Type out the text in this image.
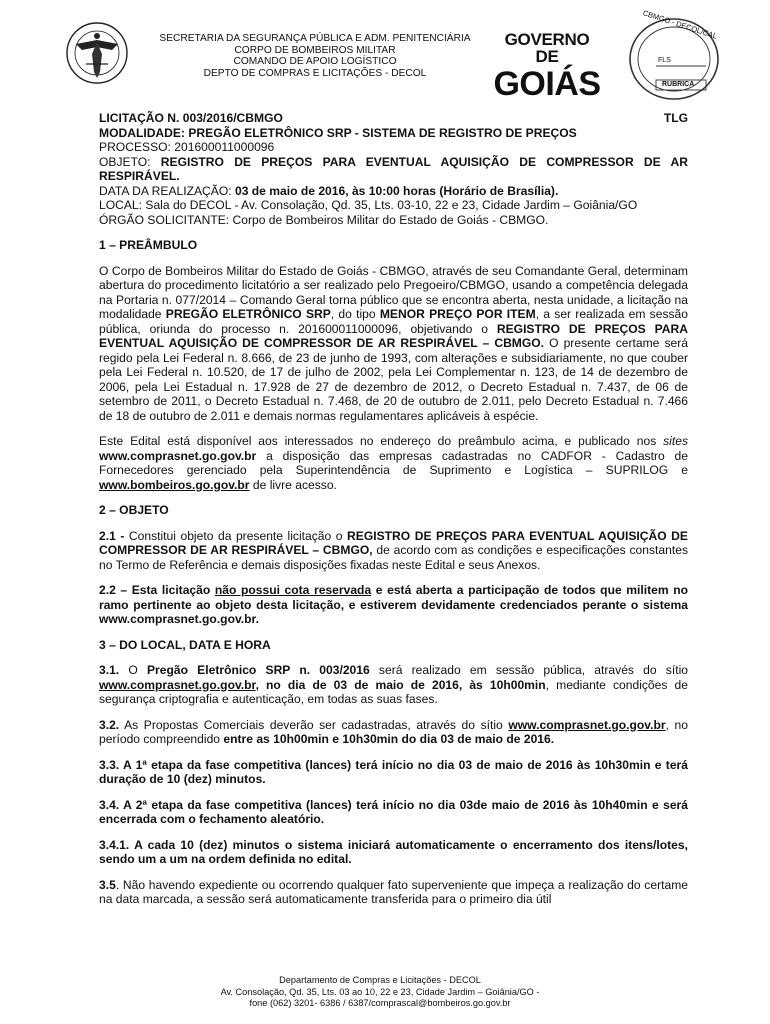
SECRETARIA DA SEGURANÇA PÚBLICA E ADM. PENITENCIÁRIA
CORPO DE BOMBEIROS MILITAR
COMANDO DE APOIO LOGÍSTICO
DEPTO DE COMPRAS E LICITAÇÕES - DECOL
GOVERNO DE
GOIÁS
CBMGO - DECOL/CAL
FLS
RUBRICA
TLG

LICITAÇÃO N. 003/2016/CBMGO

MODALIDADE: PREGÃO ELETRÔNICO SRP - SISTEMA DE REGISTRO DE PREÇOS

PROCESSO: 201600011000096

OBJETO: REGISTRO DE PREÇOS PARA EVENTUAL AQUISIÇÃO DE COMPRESSOR DE AR RESPIRÁVEL.

DATA DA REALIZAÇÃO: 03 de maio de 2016, às 10:00 horas (Horário de Brasília).

LOCAL: Sala do DECOL - Av. Consolação, Qd. 35, Lts. 03-10, 22 e 23, Cidade Jardim – Goiânia/GO

ÓRGÃO SOLICITANTE: Corpo de Bombeiros Militar do Estado de Goiás - CBMGO.

1 – PREÂMBULO

O Corpo de Bombeiros Militar do Estado de Goiás - CBMGO, através de seu Comandante Geral, determinam abertura do procedimento licitatório a ser realizado pelo Pregoeiro/CBMGO, usando a competência delegada na Portaria n. 077/2014 – Comando Geral torna público que se encontra aberta, nesta unidade, a licitação na modalidade PREGÃO ELETRÔNICO SRP, do tipo MENOR PREÇO POR ITEM, a ser realizada em sessão pública, oriunda do processo n. 201600011000096, objetivando o REGISTRO DE PREÇOS PARA EVENTUAL AQUISIÇÃO DE COMPRESSOR DE AR RESPIRÁVEL – CBMGO. O presente certame será regido pela Lei Federal n. 8.666, de 23 de junho de 1993, com alterações e subsidiariamente, no que couber pela Lei Federal n. 10.520, de 17 de julho de 2002, pela Lei Complementar n. 123, de 14 de dezembro de 2006, pela Lei Estadual n. 17.928 de 27 de dezembro de 2012, o Decreto Estadual n. 7.437, de 06 de setembro de 2011, o Decreto Estadual n. 7.468, de 20 de outubro de 2.011, pelo Decreto Estadual n. 7.466 de 18 de outubro de 2.011 e demais normas regulamentares aplicáveis à espécie.

Este Edital está disponível aos interessados no endereço do preâmbulo acima, e publicado nos sites www.comprasnet.go.gov.br a disposição das empresas cadastradas no CADFOR - Cadastro de Fornecedores gerenciado pela Superintendência de Suprimento e Logística – SUPRILOG e www.bombeiros.go.gov.br de livre acesso.

2 – OBJETO

2.1 - Constitui objeto da presente licitação o REGISTRO DE PREÇOS PARA EVENTUAL AQUISIÇÃO DE COMPRESSOR DE AR RESPIRÁVEL – CBMGO, de acordo com as condições e especificações constantes no Termo de Referência e demais disposições fixadas neste Edital e seus Anexos.

2.2 – Esta licitação não possui cota reservada e está aberta a participação de todos que militem no ramo pertinente ao objeto desta licitação, e estiverem devidamente credenciados perante o sistema www.comprasnet.go.gov.br.

3 – DO LOCAL, DATA E HORA

3.1. O Pregão Eletrônico SRP n. 003/2016 será realizado em sessão pública, através do sítio www.comprasnet.go.gov.br, no dia de 03 de maio de 2016, às 10h00min, mediante condições de segurança criptografia e autenticação, em todas as suas fases.

3.2. As Propostas Comerciais deverão ser cadastradas, através do sítio www.comprasnet.go.gov.br, no período compreendido entre as 10h00min e 10h30min do dia 03 de maio de 2016.

3.3. A 1ª etapa da fase competitiva (lances) terá início no dia 03 de maio de 2016 às 10h30min e terá duração de 10 (dez) minutos.

3.4. A 2ª etapa da fase competitiva (lances) terá início no dia 03de maio de 2016 às 10h40min e será encerrada com o fechamento aleatório.

3.4.1. A cada 10 (dez) minutos o sistema iniciará automaticamente o encerramento dos itens/lotes, sendo um a um na ordem definida no edital.

3.5. Não havendo expediente ou ocorrendo qualquer fato superveniente que impeça a realização do certame na data marcada, a sessão será automaticamente transferida para o primeiro dia útil

Departamento de Compras e Licitações - DECOL
Av. Consolação, Qd. 35, Lts. 03 ao 10, 22 e 23, Cidade Jardim – Goiânia/GO -
fone (062) 3201- 6386 / 6387/comprascal@bombeiros.go.gov.br
